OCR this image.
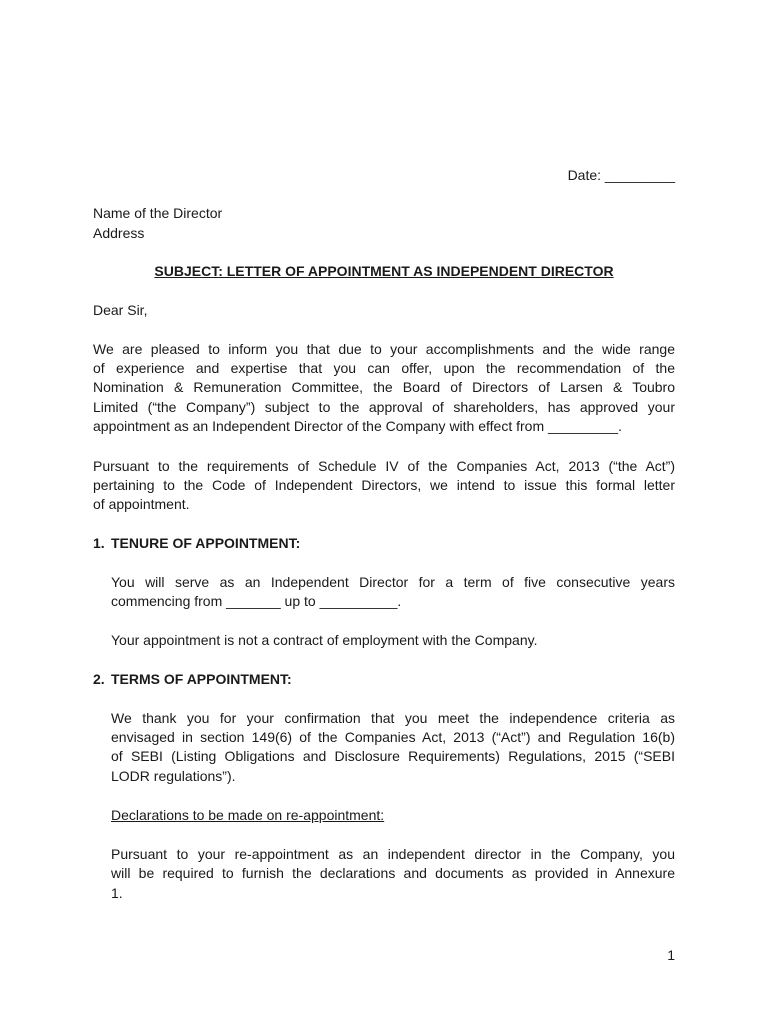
Date: _________
Name of the Director
Address
SUBJECT: LETTER OF APPOINTMENT AS INDEPENDENT DIRECTOR
Dear Sir,
We are pleased to inform you that due to your accomplishments and the wide range
of experience and expertise that you can offer, upon the recommendation of the
Nomination & Remuneration Committee, the Board of Directors of Larsen & Toubro
Limited (“the Company”) subject to the approval of shareholders, has approved your
appointment as an Independent Director of the Company with effect from _________.
Pursuant to the requirements of Schedule IV of the Companies Act, 2013 (“the Act”)
pertaining to the Code of Independent Directors, we intend to issue this formal letter
of appointment.
1. TENURE OF APPOINTMENT:
You will serve as an Independent Director for a term of five consecutive years
commencing from _______ up to __________.
Your appointment is not a contract of employment with the Company.
2. TERMS OF APPOINTMENT:
We thank you for your confirmation that you meet the independence criteria as
envisaged in section 149(6) of the Companies Act, 2013 (“Act”) and Regulation 16(b)
of SEBI (Listing Obligations and Disclosure Requirements) Regulations, 2015 (“SEBI
LODR regulations”).
Declarations to be made on re-appointment:
Pursuant to your re-appointment as an independent director in the Company, you
will be required to furnish the declarations and documents as provided in Annexure
1.
1
